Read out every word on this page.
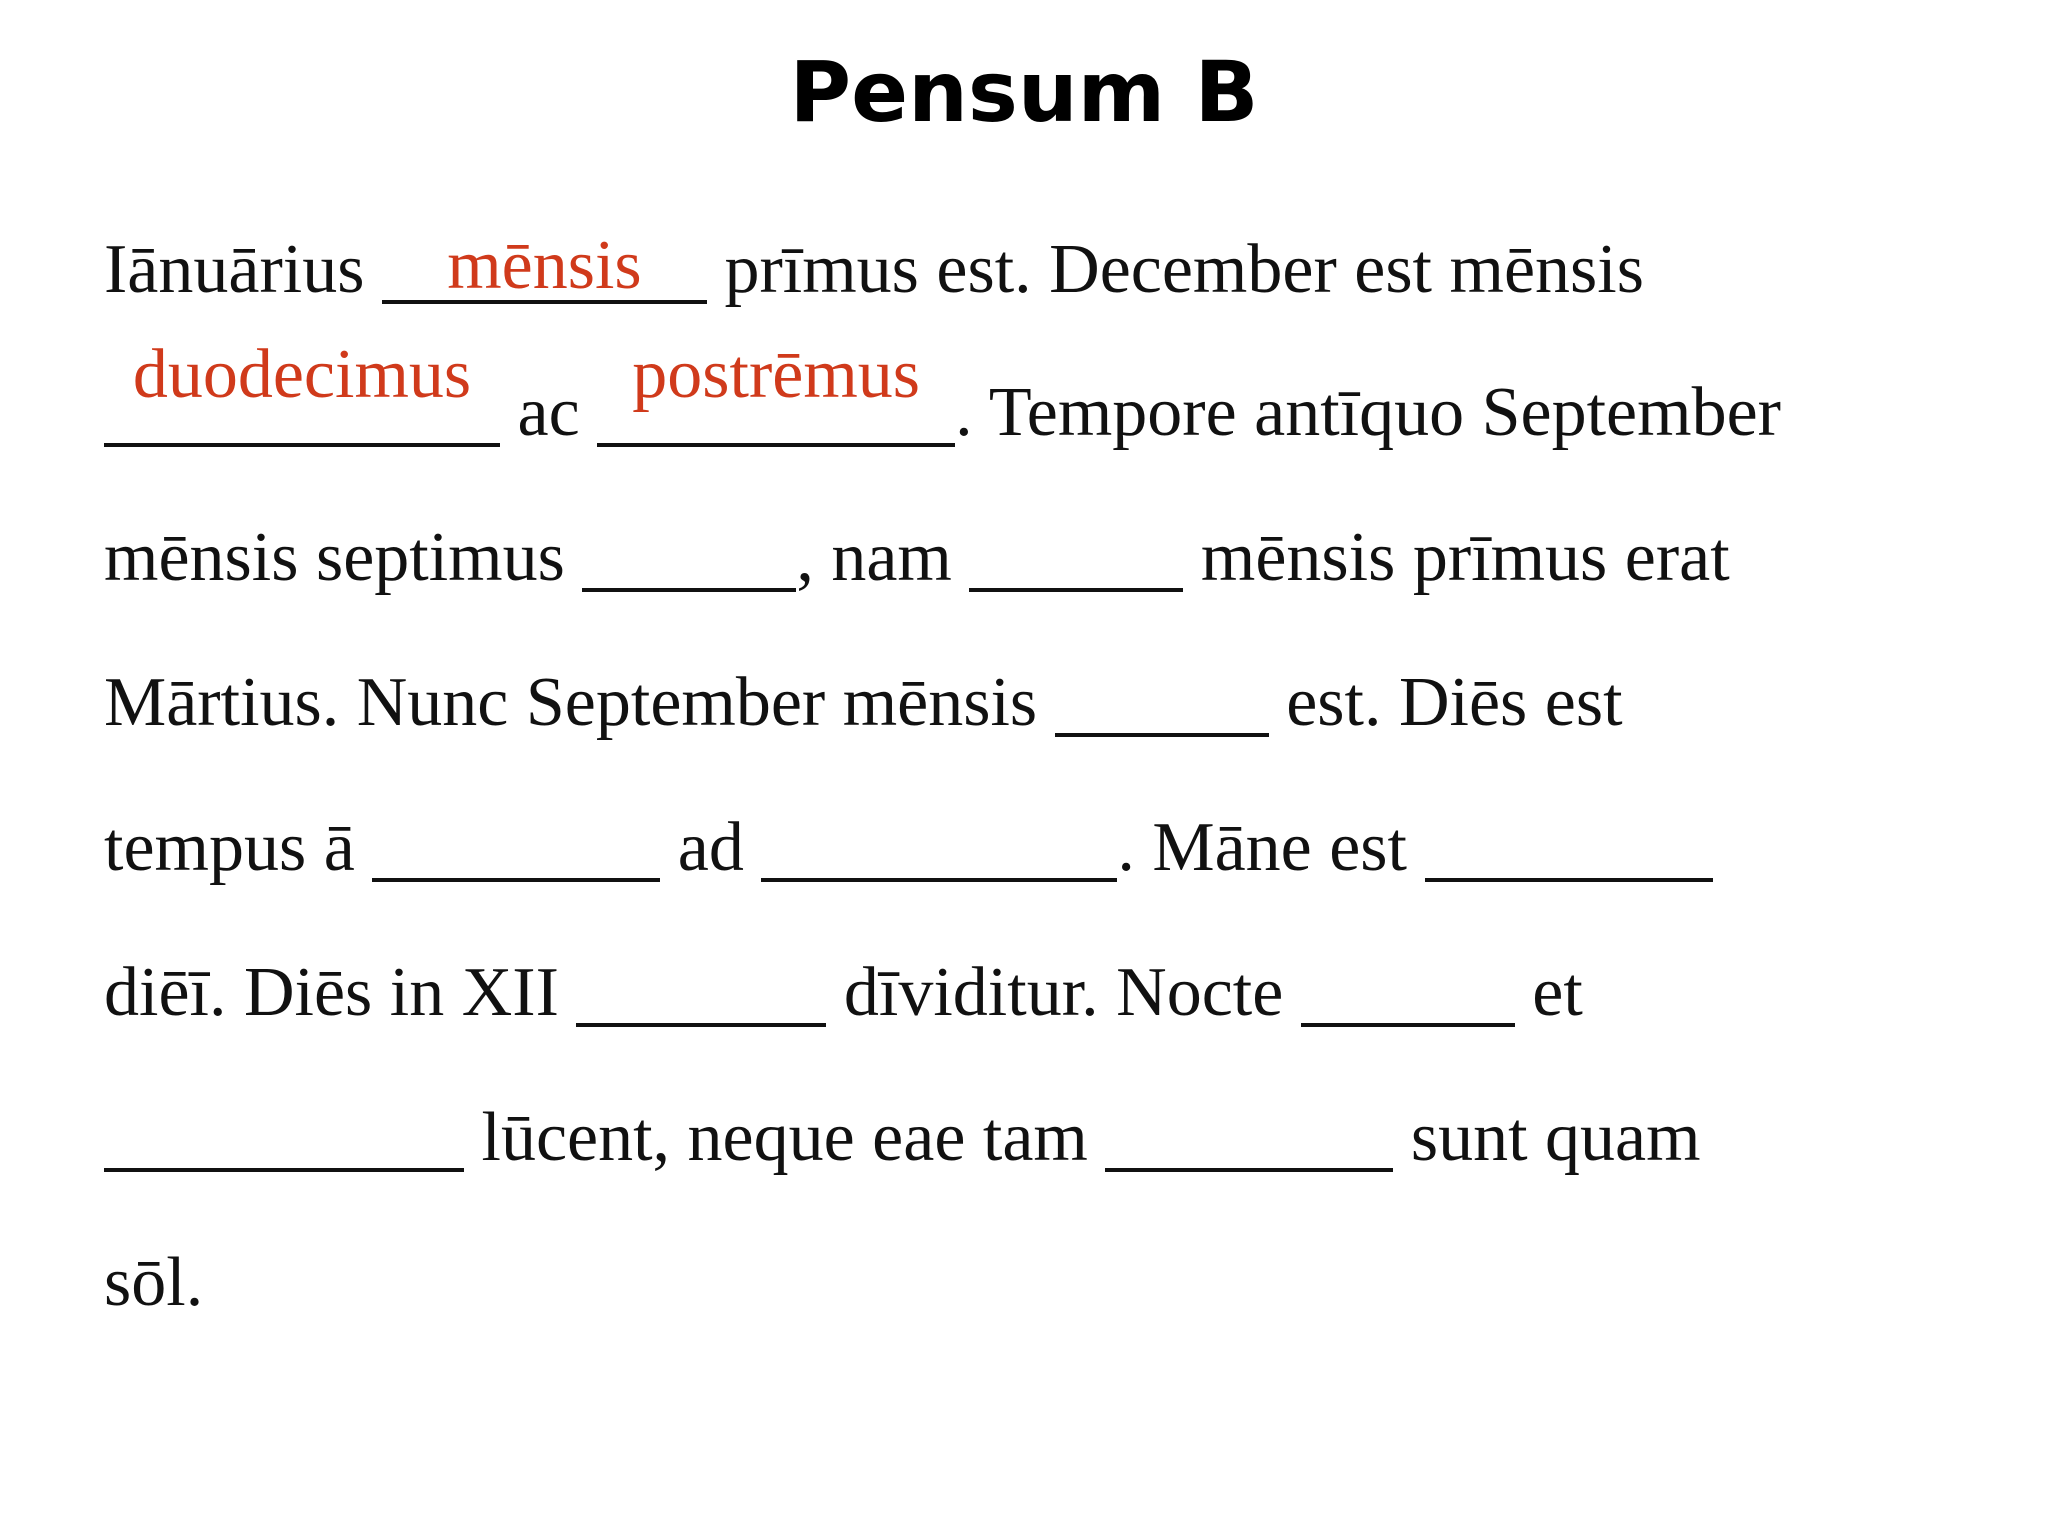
Pensum B
Iānuārius mēnsis prīmus est. December est mēnsis
duodecimus ac postrēmus . Tempore antīquo September
mēnsis septimus	, nam	mēnsis prīmus erat
Mārtius. Nunc September mēnsis	est. Diēs est
tempus ā	ad	. Māne est
diēī. Diēs in XII	dīviditur. Nocte	et
lūcent, neque eae tam	sunt quam
sōl.
